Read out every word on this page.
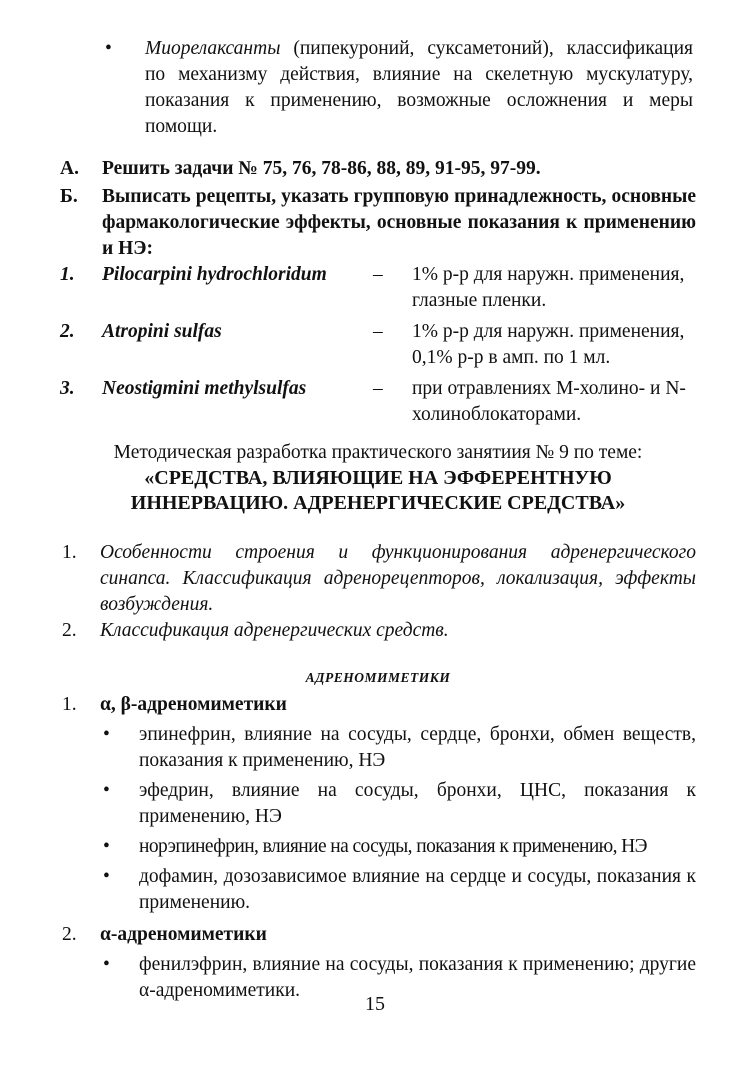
• Миорелаксанты (пипекуроний, суксаметоний), классификация по механизму действия, влияние на скелетную мускулатуру, показания к применению, возможные осложнения и меры помощи.
А. Решить задачи № 75, 76, 78-86, 88, 89, 91-95, 97-99.
Б. Выписать рецепты, указать групповую принадлежность, основные фармакологические эффекты, основные показания к применению и НЭ:
1. Pilocarpini hydrochloridum – 1% р-р для наружн. применения, глазные пленки.
2. Atropini sulfas	– 1% р-р для наружн. применения, 0,1% р-р в амп. по 1 мл.
3. Neostigmini methylsulfas	– при отравлениях М-холино- и N-холиноблокаторами.
Методическая разработка практического занятиия № 9 по теме:
«СРЕДСТВА, ВЛИЯЮЩИЕ НА ЭФФЕРЕНТНУЮ
ИННЕРВАЦИЮ. АДРЕНЕРГИЧЕСКИЕ СРЕДСТВА»
1. Особенности строения и функционирования адренергического синапса. Классификация адренорецепторов, локализация, эффекты возбуждения.
2. Классификация адренергических средств.
АДРЕНОМИМЕТИКИ
1. α, β-адреномиметики
• эпинефрин, влияние на сосуды, сердце, бронхи, обмен веществ, показания к применению, НЭ
• эфедрин, влияние на сосуды, бронхи, ЦНС, показания к применению, НЭ
• норэпинефрин, влияние на сосуды, показания к применению, НЭ
• дофамин, дозозависимое влияние на сердце и сосуды, показания к применению.
2. α-адреномиметики
• фенилэфрин, влияние на сосуды, показания к применению; другие α-адреномиметики.
15
